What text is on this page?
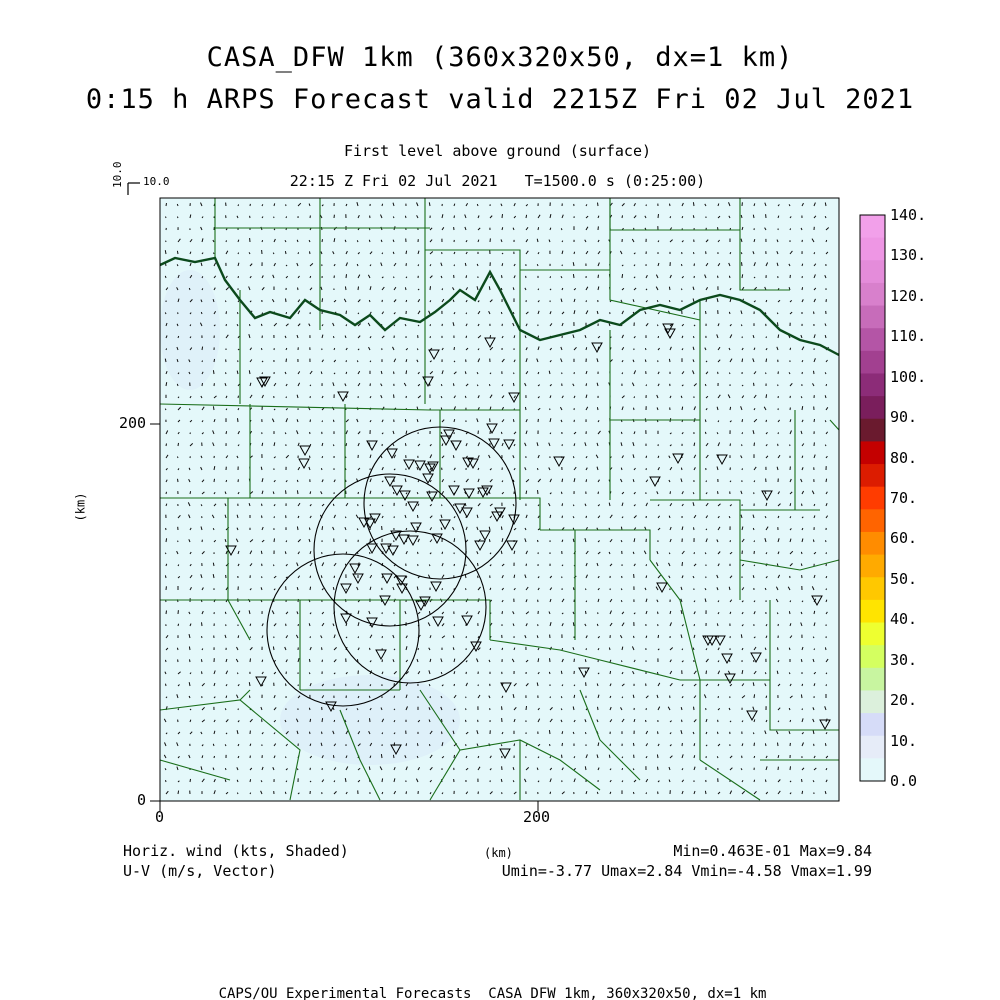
CASA_DFW 1km (360x320x50, dx=1 km)
0:15 h ARPS Forecast valid 2215Z Fri 02 Jul 2021
First level above ground (surface)
22:15 Z Fri 02 Jul 2021   T=1500.0 s (0:25:00)
10.0 10.0
200
0
0	200
(km)
140.
130.
120.
110.
100.
90.
80.
70.
60.
50.
40.
30.
20.
10.
0.0
Horiz. wind (kts, Shaded)
U-V (m/s, Vector)
(km)	Min=0.463E-01 Max=9.84
Umin=-3.77 Umax=2.84 Vmin=-4.58 Vmax=1.99
CAPS/OU Experimental Forecasts  CASA DFW 1km, 360x320x50, dx=1 km
